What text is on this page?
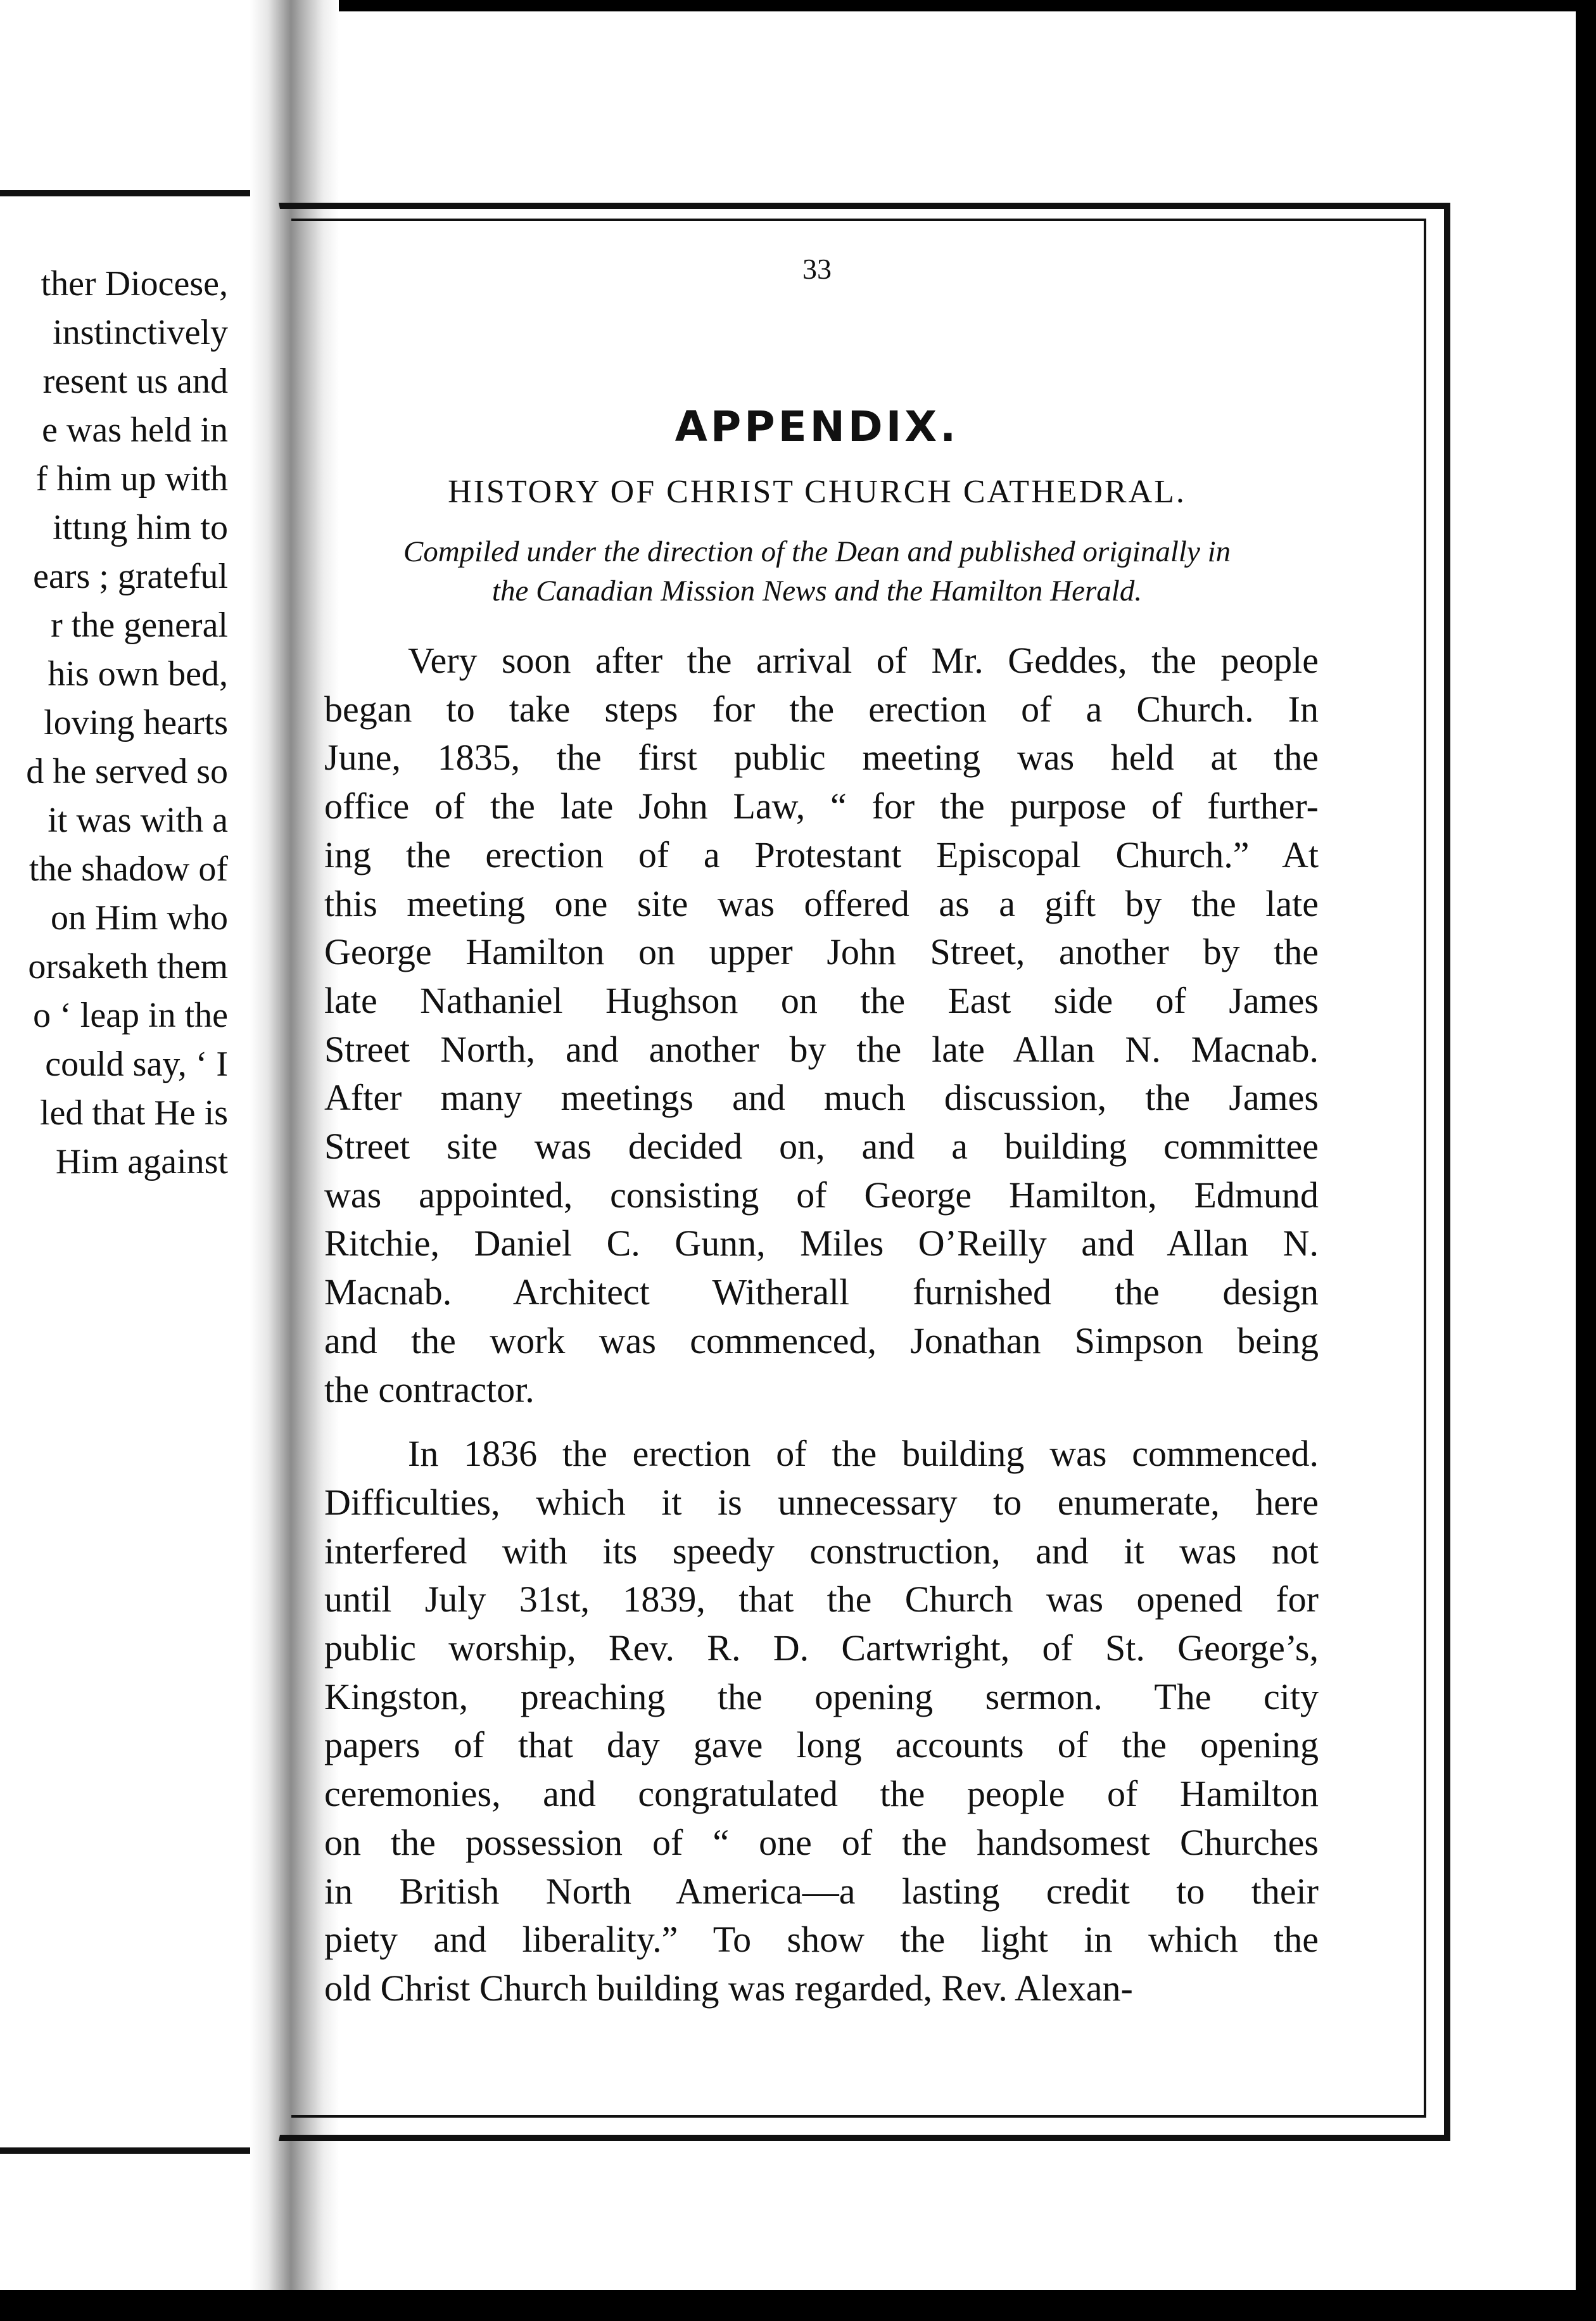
ther Diocese,
instinctively
resent us and
e was held in
f him up with
ittıng him to
ears ; grateful
r the general
his own bed,
loving hearts
d he served so
it was with a
the shadow of
on Him who
orsaketh them
o ‘ leap in the
could say, ‘ I
led that He is
Him against
33
APPENDIX.
HISTORY OF CHRIST CHURCH CATHEDRAL.
Compiled under the direction of the Dean and published originally in
the Canadian Mission News and the Hamilton Herald.
Very soon after the arrival of Mr. Geddes, the people
began to take steps for the erection of a Church. In
June, 1835, the first public meeting was held at the
office of the late John Law, “ for the purpose of further-
ing the erection of a Protestant Episcopal Church.” At
this meeting one site was offered as a gift by the late
George Hamilton on upper John Street, another by the
late Nathaniel Hughson on the East side of James
Street North, and another by the late Allan N. Macnab.
After many meetings and much discussion, the James
Street site was decided on, and a building committee
was appointed, consisting of George Hamilton, Edmund
Ritchie, Daniel C. Gunn, Miles O’Reilly and Allan N.
Macnab. Architect Witherall furnished the design
and the work was commenced, Jonathan Simpson being
the contractor.
In 1836 the erection of the building was commenced.
Difficulties, which it is unnecessary to enumerate, here
interfered with its speedy construction, and it was not
until July 31st, 1839, that the Church was opened for
public worship, Rev. R. D. Cartwright, of St. George’s,
Kingston, preaching the opening sermon. The city
papers of that day gave long accounts of the opening
ceremonies, and congratulated the people of Hamilton
on the possession of “ one of the handsomest Churches
in British North America—a lasting credit to their
piety and liberality.” To show the light in which the
old Christ Church building was regarded, Rev. Alexan-
